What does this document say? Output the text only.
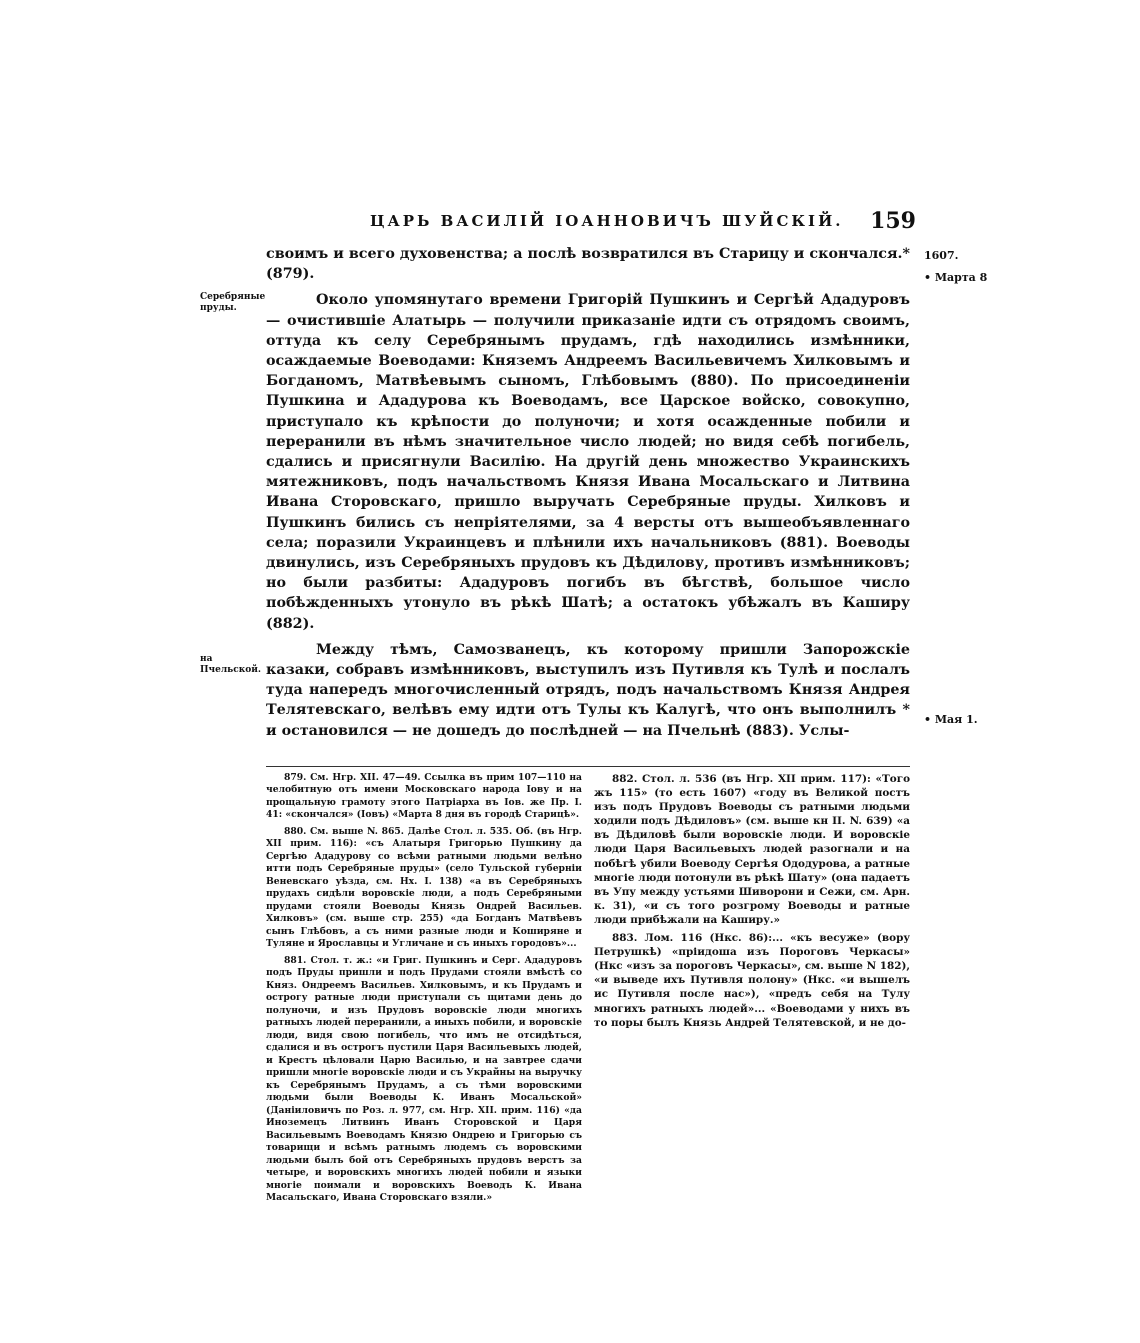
ЦАРЬ ВАСИЛІЙ ІОАННОВИЧЪ ШУЙСКІЙ. 159
1607.
• Марта 8
Серебряные пруды.
на Пчельской.
• Мая 1.

своимъ и всего духовенства; а послѣ возвратился въ Старицу и скончался.* (879).

Около упомянутаго времени Григорій Пушкинъ и Сергѣй Ададуровъ — очистившіе Алатырь — получили приказаніе идти съ отрядомъ своимъ, оттуда къ селу Серебрянымъ прудамъ, гдѣ находились измѣнники, осаждаемые Воеводами: Княземъ Андреемъ Васильевичемъ Хилковымъ и Богданомъ, Матвѣевымъ сыномъ, Глѣбовымъ (880). По присоединеніи Пушкина и Ададурова къ Воеводамъ, все Царское войско, совокупно, приступало къ крѣпости до полуночи; и хотя осажденные побили и переранили въ нѣмъ значительное число людей; но видя себѣ погибель, сдались и присягнули Василію. На другій день множество Украинскихъ мятежниковъ, подъ начальствомъ Князя Ивана Мосальскаго и Литвина Ивана Сторовскаго, пришло выручать Серебряные пруды. Хилковъ и Пушкинъ бились съ непріятелями, за 4 версты отъ вышеобъявленнаго села; поразили Украинцевъ и плѣнили ихъ начальниковъ (881). Воеводы двинулись, изъ Серебряныхъ прудовъ къ Дѣдилову, противъ измѣнниковъ; но были разбиты: Ададуровъ погибъ въ бѣгствѣ, большое число побѣжденныхъ утонуло въ рѣкѣ Шатѣ; а остатокъ убѣжалъ въ Каширу (882).

Между тѣмъ, Самозванецъ, къ которому пришли Запорожскіе казаки, собравъ измѣнниковъ, выступилъ изъ Путивля къ Тулѣ и послалъ туда напередъ многочисленный отрядъ, подъ начальствомъ Князя Андрея Телятевскаго, велѣвъ ему идти отъ Тулы къ Калугѣ, что онъ выполнилъ * и остановился — не дошедъ до послѣдней — на Пчельнѣ (883). Услы-

879. См. Нгр. XII. 47—49. Ссылка въ прим 107—110 на челобитную отъ имени Московскаго народа Іову и на прощальную грамоту этого Патріарха въ Іов. же Пр. I. 41: «скончался» (Іовъ) «Марта 8 дня въ городѣ Старицѣ».

880. См. выше N. 865. Далѣе Стол. л. 535. Об. (въ Нгр. XII прим. 116): «съ Алатыря Григорью Пушкину да Сергѣю Ададурову со всѣми ратными людьми велѣно итти подъ Серебряные пруды» (село Тульской губерніи Веневскаго уѣзда, см. Нх. I. 138) «а въ Серебряныхъ прудахъ сидѣли воровскіе люди, а подъ Серебряными прудами стояли Воеводы Князь Ондрей Васильев. Хилковъ» (см. выше стр. 255) «да Богданъ Матвѣевъ сынъ Глѣбовъ, а съ ними разные люди и Коширяне и Туляне и Ярославцы и Угличане и съ иныхъ городовъ»...

881. Стол. т. ж.: «и Григ. Пушкинъ и Серг. Ададуровъ подъ Пруды пришли и подъ Прудами стояли вмѣстѣ со Княз. Ондреемъ Васильев. Хилковымъ, и къ Прудамъ и острогу ратные люди приступали съ щитами день до полуночи, и изъ Прудовъ воровскіе люди многихъ ратныхъ людей переранили, а иныхъ побили, и воровскіе люди, видя свою погибель, что имъ не отсидѣться, сдалися и въ острогъ пустили Царя Васильевыхъ людей, и Крестъ цѣловали Царю Василью, и на завтрее сдачи пришли многіе воровскіе люди и съ Украйны на выручку къ Серебрянымъ Прудамъ, а съ тѣми воровскими людьми были Воеводы К. Иванъ Мосальской» (Даніиловичъ по Роз. л. 977, см. Нгр. XII. прим. 116) «да Иноземецъ Литвинъ Иванъ Сторовской и Царя Васильевымъ Воеводамъ Князю Ондрею и Григорью съ товарищи и всѣмъ ратнымъ людемъ съ воровскими людьми былъ бой отъ Серебряныхъ прудовъ верстъ за четыре, и воровскихъ многихъ людей побили и языки многіе поимали и воровскихъ Воеводъ К. Ивана Масальскаго, Ивана Сторовскаго взяли.»

882. Стол. л. 536 (въ Нгр. XII прим. 117): «Того жъ 115» (то есть 1607) «году въ Великой постъ изъ подъ Прудовъ Воеводы съ ратными людьми ходили подъ Дѣдиловъ» (см. выше кн II. N. 639) «а въ Дѣдиловѣ были воровскіе люди. И воровскіе люди Царя Васильевыхъ людей разогнали и на побѣгѣ убили Воеводу Сергѣя Ододурова, а ратные многіе люди потонули въ рѣкѣ Шату» (она падаетъ въ Упу между устьями Шиворони и Сежи, см. Арн. к. 31), «и съ того розгрому Воеводы и ратные люди прибѣжали на Каширу.»

883. Лом. 116 (Нкс. 86):... «къ весуже» (вору Петрушкѣ) «пріидоша изъ Пороговъ Черкасы» (Нкс «изъ за пороговъ Черкасы», см. выше N 182), «и выведе ихъ Путивля полону» (Нкс. «и вышелъ ис Путивля после нас»), «предъ себя на Тулу многихъ ратныхъ людей»... «Воеводами у нихъ въ то поры былъ Князь Андрей Телятевской, и не до-
